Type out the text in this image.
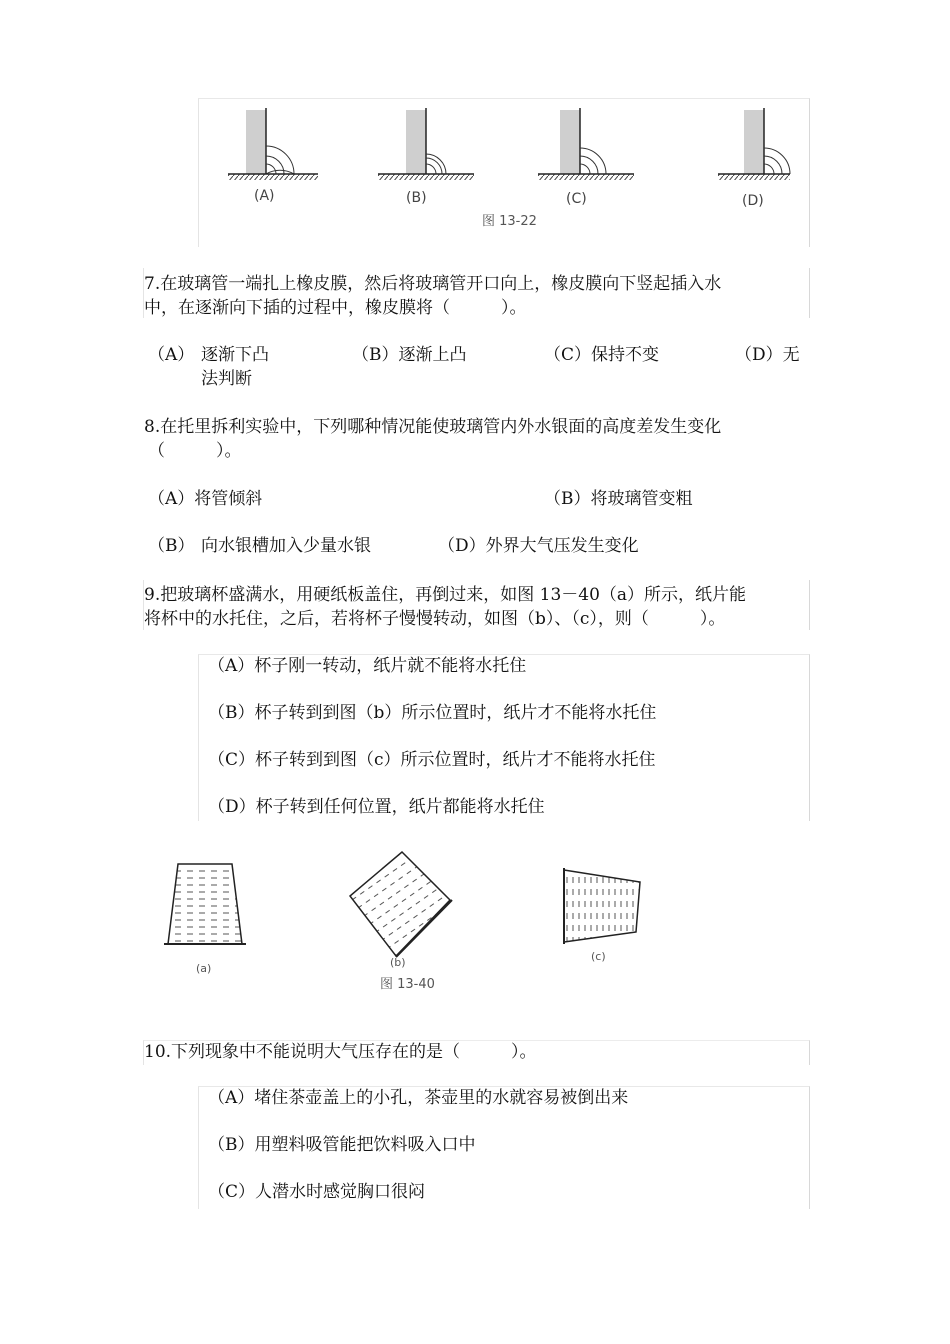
(A)	(B)	(C)	(D)
图 13-22
7.在玻璃管一端扎上橡皮膜，然后将玻璃管开口向上，橡皮膜向下竖起插入水
中，在逐渐向下插的过程中，橡皮膜将（　　　）。
（A） 逐渐下凸	（B）逐渐上凸	（C）保持不变	（D）无
法判断
8.在托里拆利实验中，下列哪种情况能使玻璃管内外水银面的高度差发生变化
（　　　）。
（A）将管倾斜	（B）将玻璃管变粗
（B） 向水银槽加入少量水银	（D）外界大气压发生变化
9.把玻璃杯盛满水，用硬纸板盖住，再倒过来，如图 13－40（a）所示，纸片能
将杯中的水托住，之后，若将杯子慢慢转动，如图（b）、（c），则（　　　）。
（A）杯子刚一转动，纸片就不能将水托住
（B）杯子转到到图（b）所示位置时，纸片才不能将水托住
（C）杯子转到到图（c）所示位置时，纸片才不能将水托住
（D）杯子转到任何位置，纸片都能将水托住
(a)	(b)	(c)
图 13-40
10.下列现象中不能说明大气压存在的是（　　　）。
（A）堵住茶壶盖上的小孔，茶壶里的水就容易被倒出来
（B）用塑料吸管能把饮料吸入口中
（C）人潜水时感觉胸口很闷
